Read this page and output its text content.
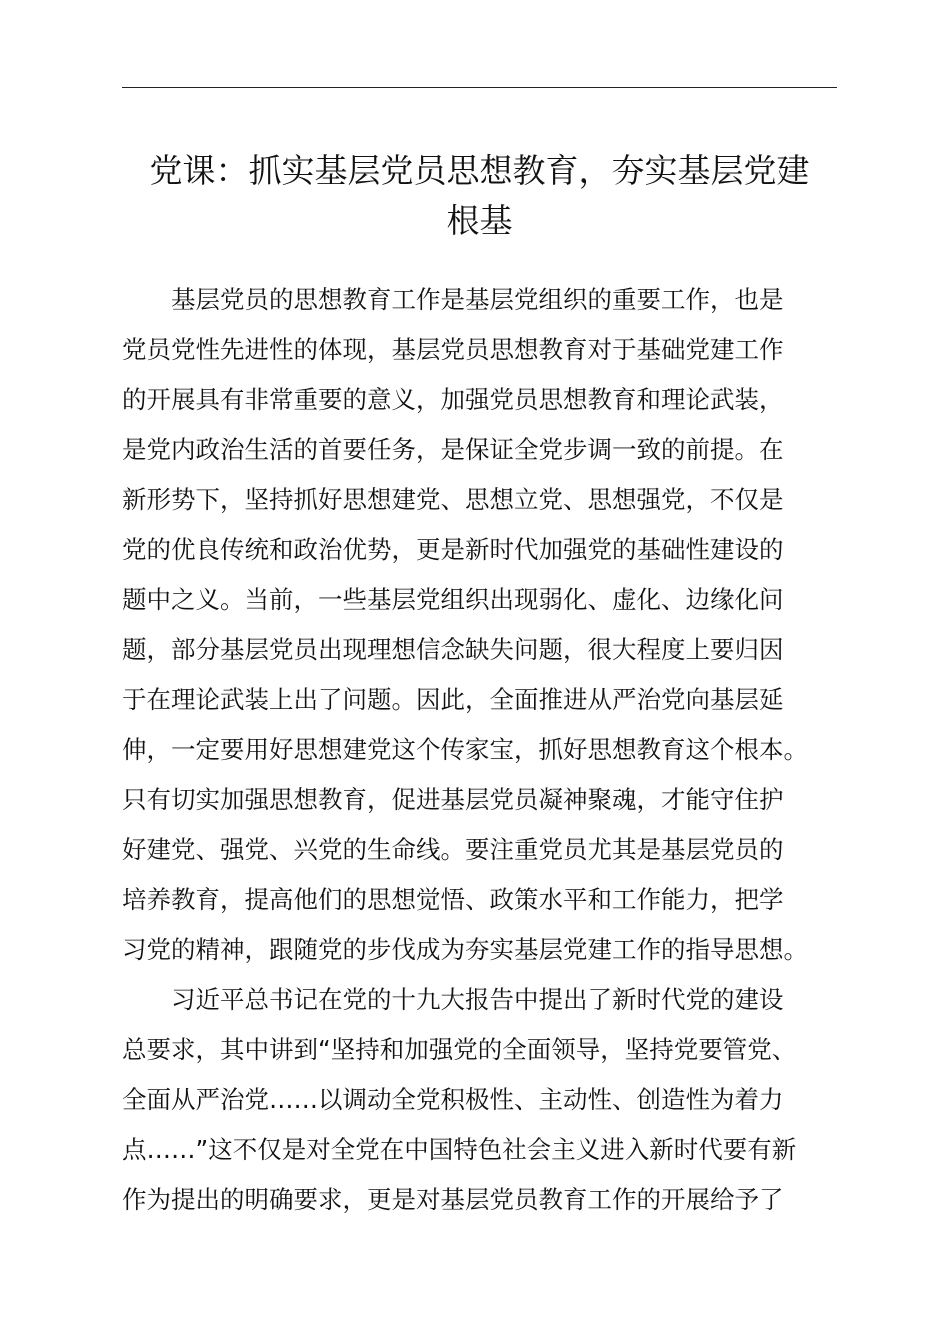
党课：抓实基层党员思想教育，夯实基层党建
根基

基层党员的思想教育工作是基层党组织的重要工作，也是
党员党性先进性的体现，基层党员思想教育对于基础党建工作
的开展具有非常重要的意义，加强党员思想教育和理论武装，
是党内政治生活的首要任务，是保证全党步调一致的前提。在
新形势下，坚持抓好思想建党、思想立党、思想强党，不仅是
党的优良传统和政治优势，更是新时代加强党的基础性建设的
题中之义。当前，一些基层党组织出现弱化、虚化、边缘化问
题，部分基层党员出现理想信念缺失问题，很大程度上要归因
于在理论武装上出了问题。因此，全面推进从严治党向基层延
伸，一定要用好思想建党这个传家宝，抓好思想教育这个根本。
只有切实加强思想教育，促进基层党员凝神聚魂，才能守住护
好建党、强党、兴党的生命线。要注重党员尤其是基层党员的
培养教育，提高他们的思想觉悟、政策水平和工作能力，把学
习党的精神，跟随党的步伐成为夯实基层党建工作的指导思想。

习近平总书记在党的十九大报告中提出了新时代党的建设
总要求，其中讲到“坚持和加强党的全面领导，坚持党要管党、
全面从严治党……以调动全党积极性、主动性、创造性为着力
点……”这不仅是对全党在中国特色社会主义进入新时代要有新
作为提出的明确要求，更是对基层党员教育工作的开展给予了
